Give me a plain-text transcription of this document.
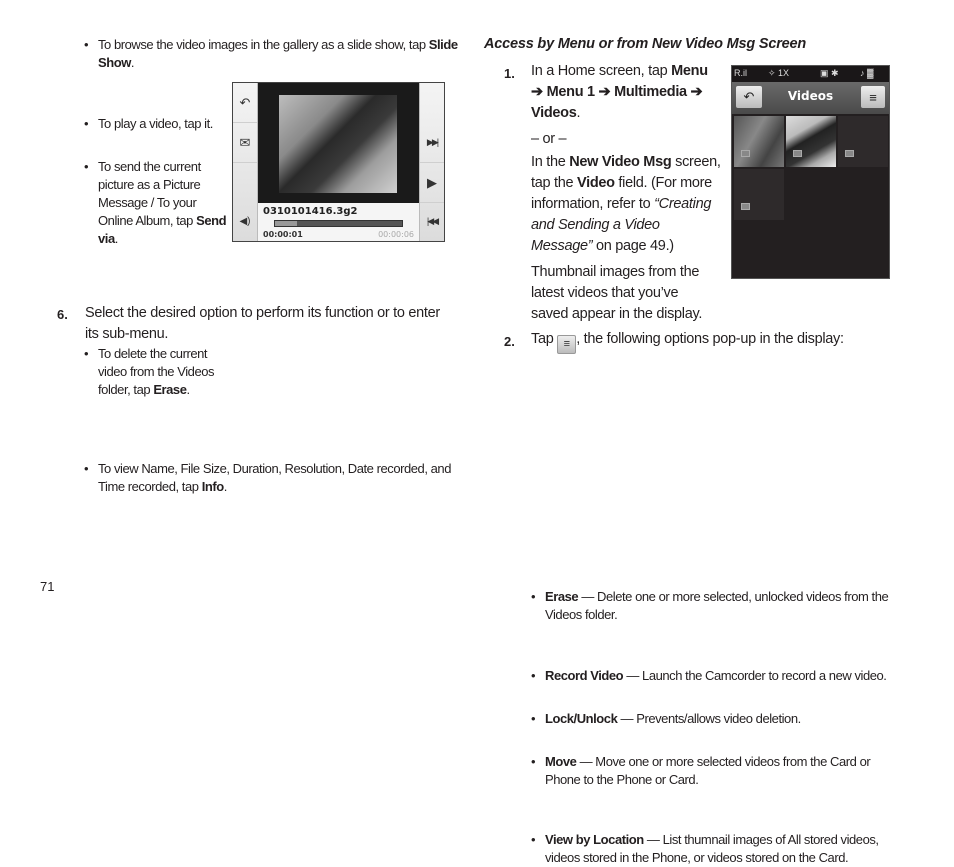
• To browse the video images in the gallery as a slide show, tap Slide Show.
• To play a video, tap it.
• To send the current picture as a Picture Message / To your Online Album, tap Send via.
• To delete the current video from the Videos folder, tap Erase.
↶
✉
◀)
0310101416.3g2
00:00:01	00:00:06
▶▶|
▶
|◀◀
• To view Name, File Size, Duration, Resolution, Date recorded, and Time recorded, tap Info.
6. Select the desired option to perform its function or to enter its sub-menu.
Access by Menu or from New Video Msg Screen
1. In a Home screen, tap Menu
➔ Menu 1 ➔ Multimedia ➔
Videos.
– or –
In the New Video Msg screen, tap the Video field. (For more information, refer to “Creating and Sending a Video Message” on page 49.)
Thumbnail images from the latest videos that you’ve saved appear in the display.
R.il ✧ 1X	▣ ✱ ♪ ▓
Videos
↶	≡
2. Tap ≡ , the following options pop-up in the display:
• Erase — Delete one or more selected, unlocked videos from the Videos folder.
• Record Video — Launch the Camcorder to record a new video.
• Lock/Unlock — Prevents/allows video deletion.
• Move — Move one or more selected videos from the Card or Phone to the Phone or Card.
• View by Location — List thumnail images of All stored videos, videos stored in the Phone, or videos stored on the Card.
71
